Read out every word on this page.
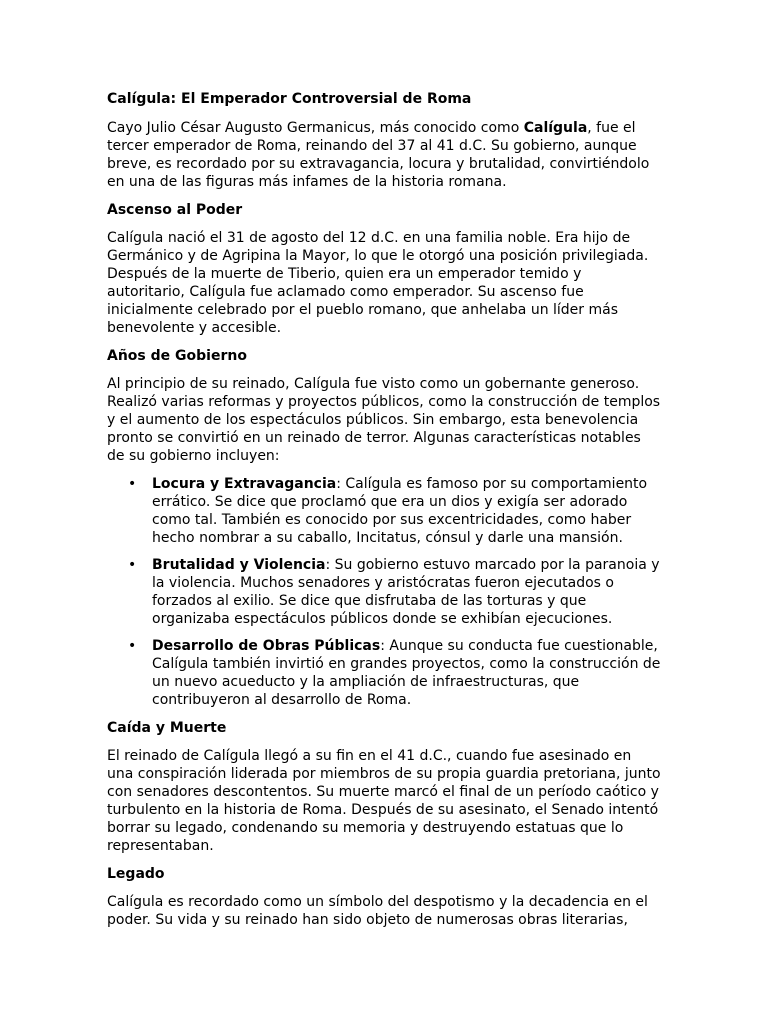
Calígula: El Emperador Controversial de Roma

Cayo Julio César Augusto Germanicus, más conocido como Calígula, fue el tercer emperador de Roma, reinando del 37 al 41 d.C. Su gobierno, aunque breve, es recordado por su extravagancia, locura y brutalidad, convirtiéndolo en una de las figuras más infames de la historia romana.

Ascenso al Poder

Calígula nació el 31 de agosto del 12 d.C. en una familia noble. Era hijo de Germánico y de Agripina la Mayor, lo que le otorgó una posición privilegiada. Después de la muerte de Tiberio, quien era un emperador temido y autoritario, Calígula fue aclamado como emperador. Su ascenso fue inicialmente celebrado por el pueblo romano, que anhelaba un líder más benevolente y accesible.

Años de Gobierno

Al principio de su reinado, Calígula fue visto como un gobernante generoso. Realizó varias reformas y proyectos públicos, como la construcción de templos y el aumento de los espectáculos públicos. Sin embargo, esta benevolencia pronto se convirtió en un reinado de terror. Algunas características notables de su gobierno incluyen:

• Locura y Extravagancia: Calígula es famoso por su comportamiento errático. Se dice que proclamó que era un dios y exigía ser adorado como tal. También es conocido por sus excentricidades, como haber hecho nombrar a su caballo, Incitatus, cónsul y darle una mansión.
• Brutalidad y Violencia: Su gobierno estuvo marcado por la paranoia y la violencia. Muchos senadores y aristócratas fueron ejecutados o forzados al exilio. Se dice que disfrutaba de las torturas y que organizaba espectáculos públicos donde se exhibían ejecuciones.
• Desarrollo de Obras Públicas: Aunque su conducta fue cuestionable, Calígula también invirtió en grandes proyectos, como la construcción de un nuevo acueducto y la ampliación de infraestructuras, que contribuyeron al desarrollo de Roma.

Caída y Muerte

El reinado de Calígula llegó a su fin en el 41 d.C., cuando fue asesinado en una conspiración liderada por miembros de su propia guardia pretoriana, junto con senadores descontentos. Su muerte marcó el final de un período caótico y turbulento en la historia de Roma. Después de su asesinato, el Senado intentó borrar su legado, condenando su memoria y destruyendo estatuas que lo representaban.

Legado

Calígula es recordado como un símbolo del despotismo y la decadencia en el poder. Su vida y su reinado han sido objeto de numerosas obras literarias,
